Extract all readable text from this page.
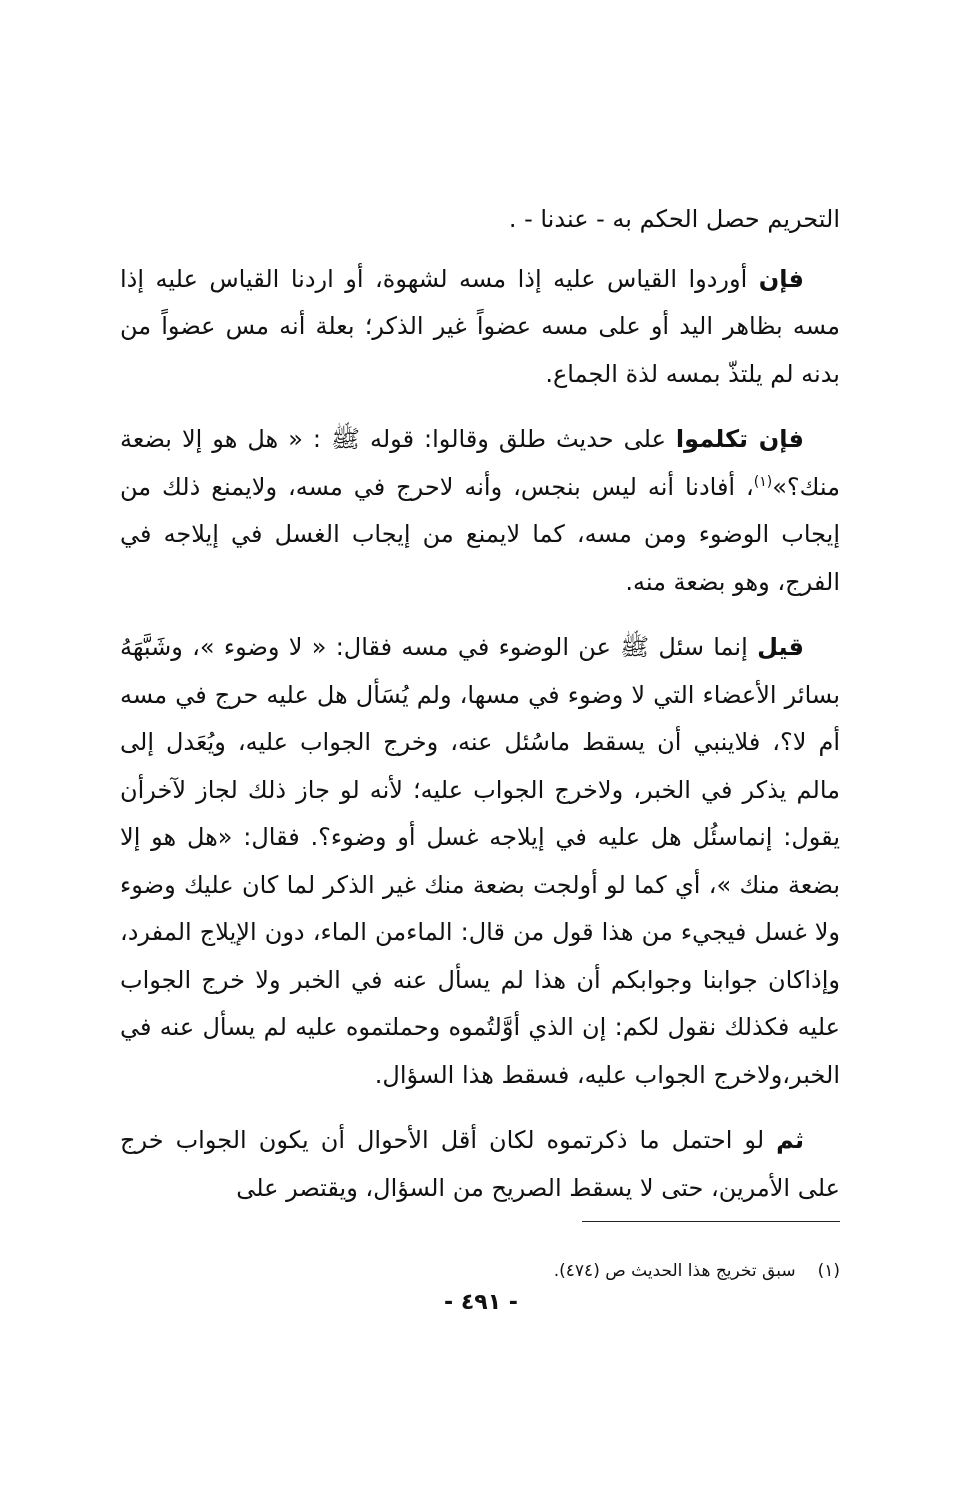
التحريم حصل الحكم به - عندنا - .

فإن أوردوا القياس عليه إذا مسه لشهوة، أو اردنا القياس عليه إذا مسه بظاهر اليد أو على مسه عضواً غير الذكر؛ بعلة أنه مس عضواً من بدنه لم يلتذّ بمسه لذة الجماع.

فإن تكلموا على حديث طلق وقالوا: قوله ﷺ : « هل هو إلا بضعة منك؟»$^{(١)}$، أفادنا أنه ليس بنجس، وأنه لاحرج في مسه، ولايمنع ذلك من إيجاب الوضوء ومن مسه، كما لايمنع من إيجاب الغسل في إيلاجه في الفرج، وهو بضعة منه.

قيل إنما سئل ﷺ عن الوضوء في مسه فقال: « لا وضوء »، وشَبَّهَهُ بسائر الأعضاء التي لا وضوء في مسها، ولم يُسَأل هل عليه حرج في مسه أم لا؟، فلاينبي أن يسقط ماسُئل عنه، وخرج الجواب عليه، ويُعَدل إلى مالم يذكر في الخبر، ولاخرج الجواب عليه؛ لأنه لو جاز ذلك لجاز لآخرأن يقول: إنماسئُل هل عليه في إيلاجه غسل أو وضوء؟. فقال: «هل هو إلا بضعة منك »، أي كما لو أولجت بضعة منك غير الذكر لما كان عليك وضوء ولا غسل فيجيء من هذا قول من قال: الماءمن الماء، دون الإيلاج المفرد، وإذاكان جوابنا وجوابكم أن هذا لم يسأل عنه في الخبر ولا خرج الجواب عليه فكذلك نقول لكم: إن الذي أوَّلتُموه وحملتموه عليه لم يسأل عنه في الخبر،ولاخرج الجواب عليه، فسقط هذا السؤال.

ثم لو احتمل ما ذكرتموه لكان أقل الأحوال أن يكون الجواب خرج على الأمرين، حتى لا يسقط الصريح من السؤال، ويقتصر على

(١)سبق تخريج هذا الحديث ص (٤٧٤).
- ٤٩١ -
